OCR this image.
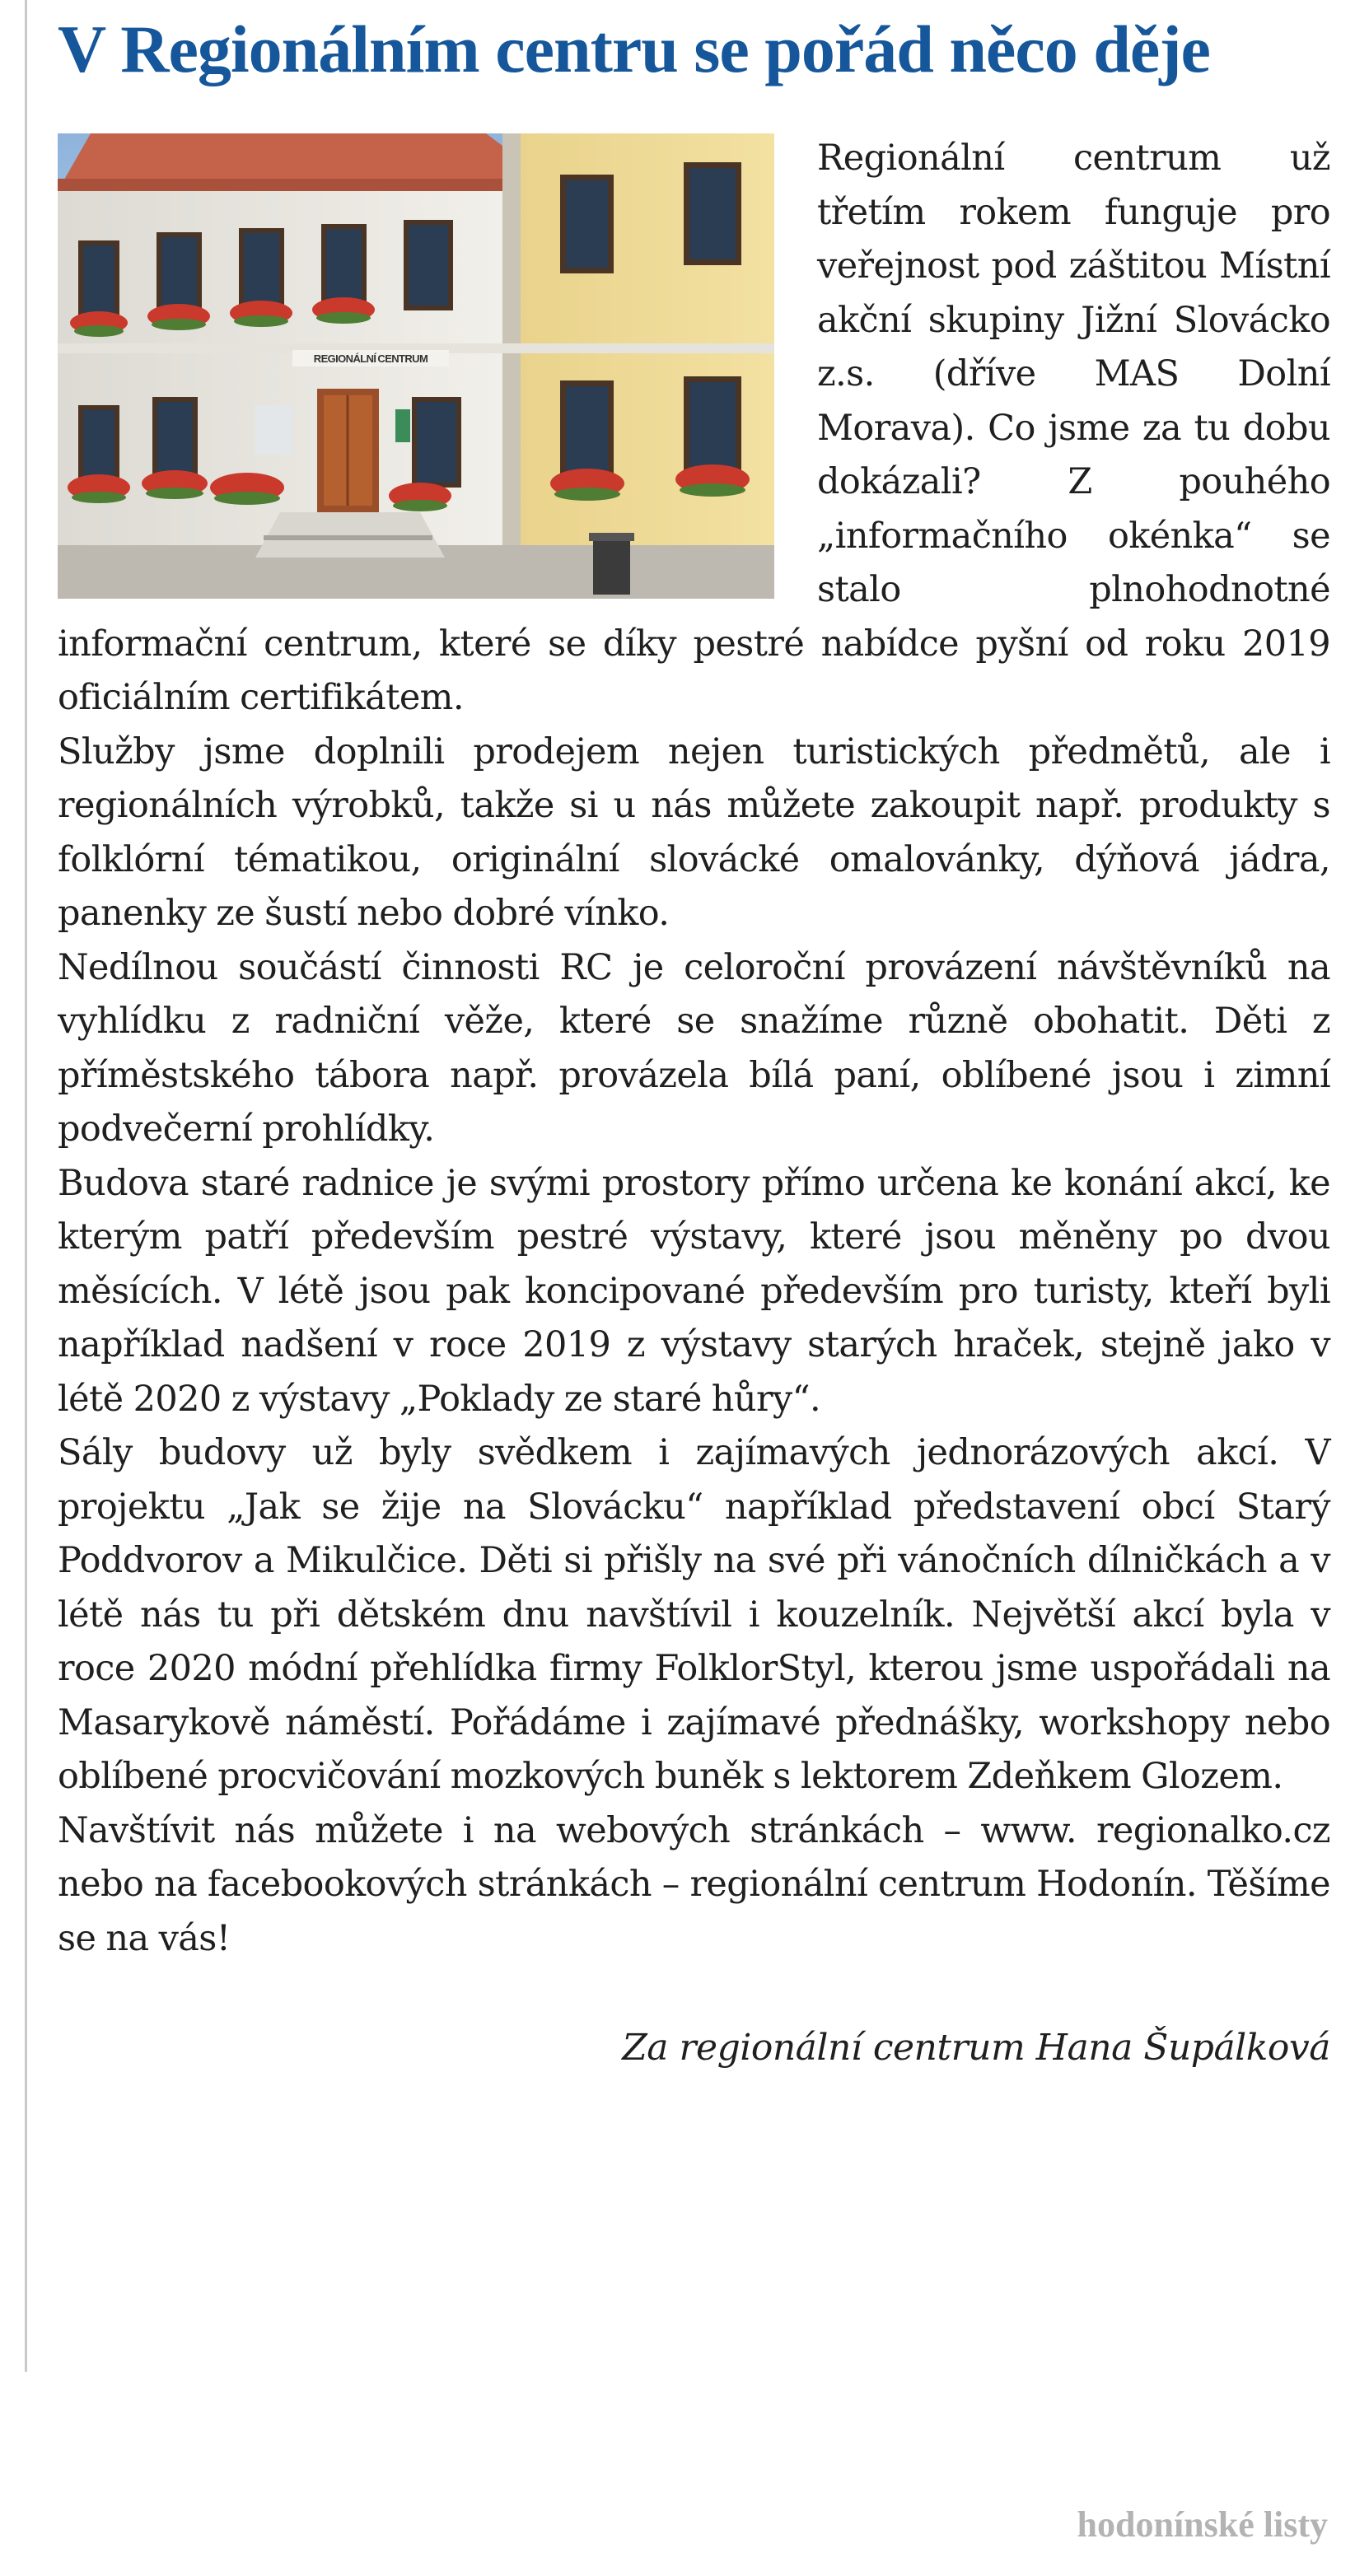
V Regionálním centru se pořád něco děje
REGIONÁLNÍ CENTRUM

Regionální centrum už třetím rokem funguje pro veřejnost pod záštitou Místní akční skupiny Jižní Slovácko z.s. (dříve MAS Dolní Morava). Co jsme za tu dobu dokázali? Z pouhého „informačního okénka“ se stalo plnohodnotné informační centrum, které se díky pestré nabídce pyšní od roku 2019 oficiálním certifikátem.

Služby jsme doplnili prodejem nejen turistických předmětů, ale i regionálních výrobků, takže si u nás můžete zakoupit např. produkty s folklórní tématikou, originální slovácké omalovánky, dýňová jádra, panenky ze šustí nebo dobré vínko.

Nedílnou součástí činnosti RC je celoroční provázení návštěvníků na vyhlídku z radniční věže, které se snažíme různě obohatit. Děti z příměstského tábora např. provázela bílá paní, oblíbené jsou i zimní podvečerní prohlídky.

Budova staré radnice je svými prostory přímo určena ke konání akcí, ke kterým patří především pestré výstavy, které jsou měněny po dvou měsících. V létě jsou pak koncipované především pro turisty, kteří byli například nadšení v roce 2019 z výstavy starých hraček, stejně jako v létě 2020 z výstavy „Poklady ze staré hůry“.

Sály budovy už byly svědkem i zajímavých jednorázových akcí. V projektu „Jak se žije na Slovácku“ například představení obcí Starý Poddvorov a Mikulčice. Děti si přišly na své při vánočních dílničkách a v létě nás tu při dětském dnu navštívil i kouzelník. Největší akcí byla v roce 2020 módní přehlídka firmy FolklorStyl, kterou jsme uspořádali na Masarykově náměstí. Pořádáme i zajímavé přednášky, workshopy nebo oblíbené procvičování mozkových buněk s lektorem Zdeňkem Glozem.

Navštívit nás můžete i na webových stránkách – www. regionalko.cz nebo na facebookových stránkách – regionální centrum Hodonín. Těšíme se na vás!

Za regionální centrum Hana Šupálková
hodonínské listy
